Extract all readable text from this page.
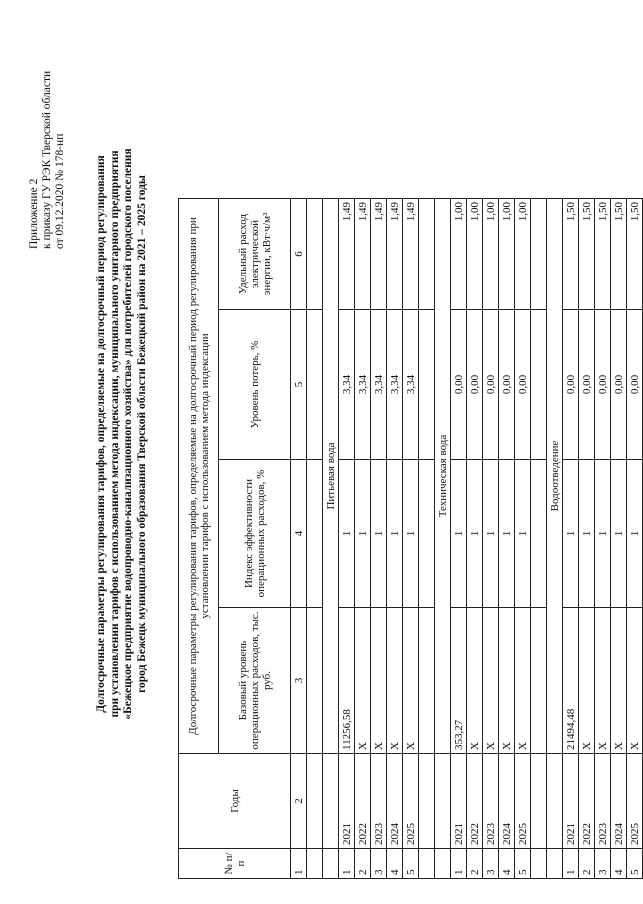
Приложение 2 к приказу ГУ РЭК Тверской области от 09.12.2020 № 178-нп	Долгосрочные параметры регулирования тарифов, определяемые на долгосрочный период регулирования при установлении тарифов с использованием метода индексации, муниципального унитарного предприятия «Бежецкое предприятие водопроводно-канализационного хозяйства» для потребителей городского поселения город Бежецк муниципального образования Тверской области Бежецкий район на 2021 – 2025 годы
№ п/п	Годы	Долгосрочные параметры регулирования тарифов, определяемые на долгосрочный период регулирования при установлении тарифов с использованием метода индексации			
		Базовый уровень операционных расходов, тыс. руб.	Индекс эффективности операционных расходов, %	Уровень потерь, %	Удельный расход электрической энергии, кВт·ч/м³
1	2	3	4	5	6

		Питьевая вода			
1	2021	11256,58	1	3,34	1,49
2	2022	X	1	3,34	1,49
3	2023	X	1	3,34	1,49
4	2024	X	1	3,34	1,49
5	2025	X	1	3,34	1,49

		Техническая вода			
1	2021	353,27	1	0,00	1,00
2	2022	X	1	0,00	1,00
3	2023	X	1	0,00	1,00
4	2024	X	1	0,00	1,00
5	2025	X	1	0,00	1,00

		Водоотведение			
1	2021	21494,48	1	0,00	1,50
2	2022	X	1	0,00	1,50
3	2023	X	1	0,00	1,50
4	2024	X	1	0,00	1,50
5	2025	X	1	0,00	1,50
